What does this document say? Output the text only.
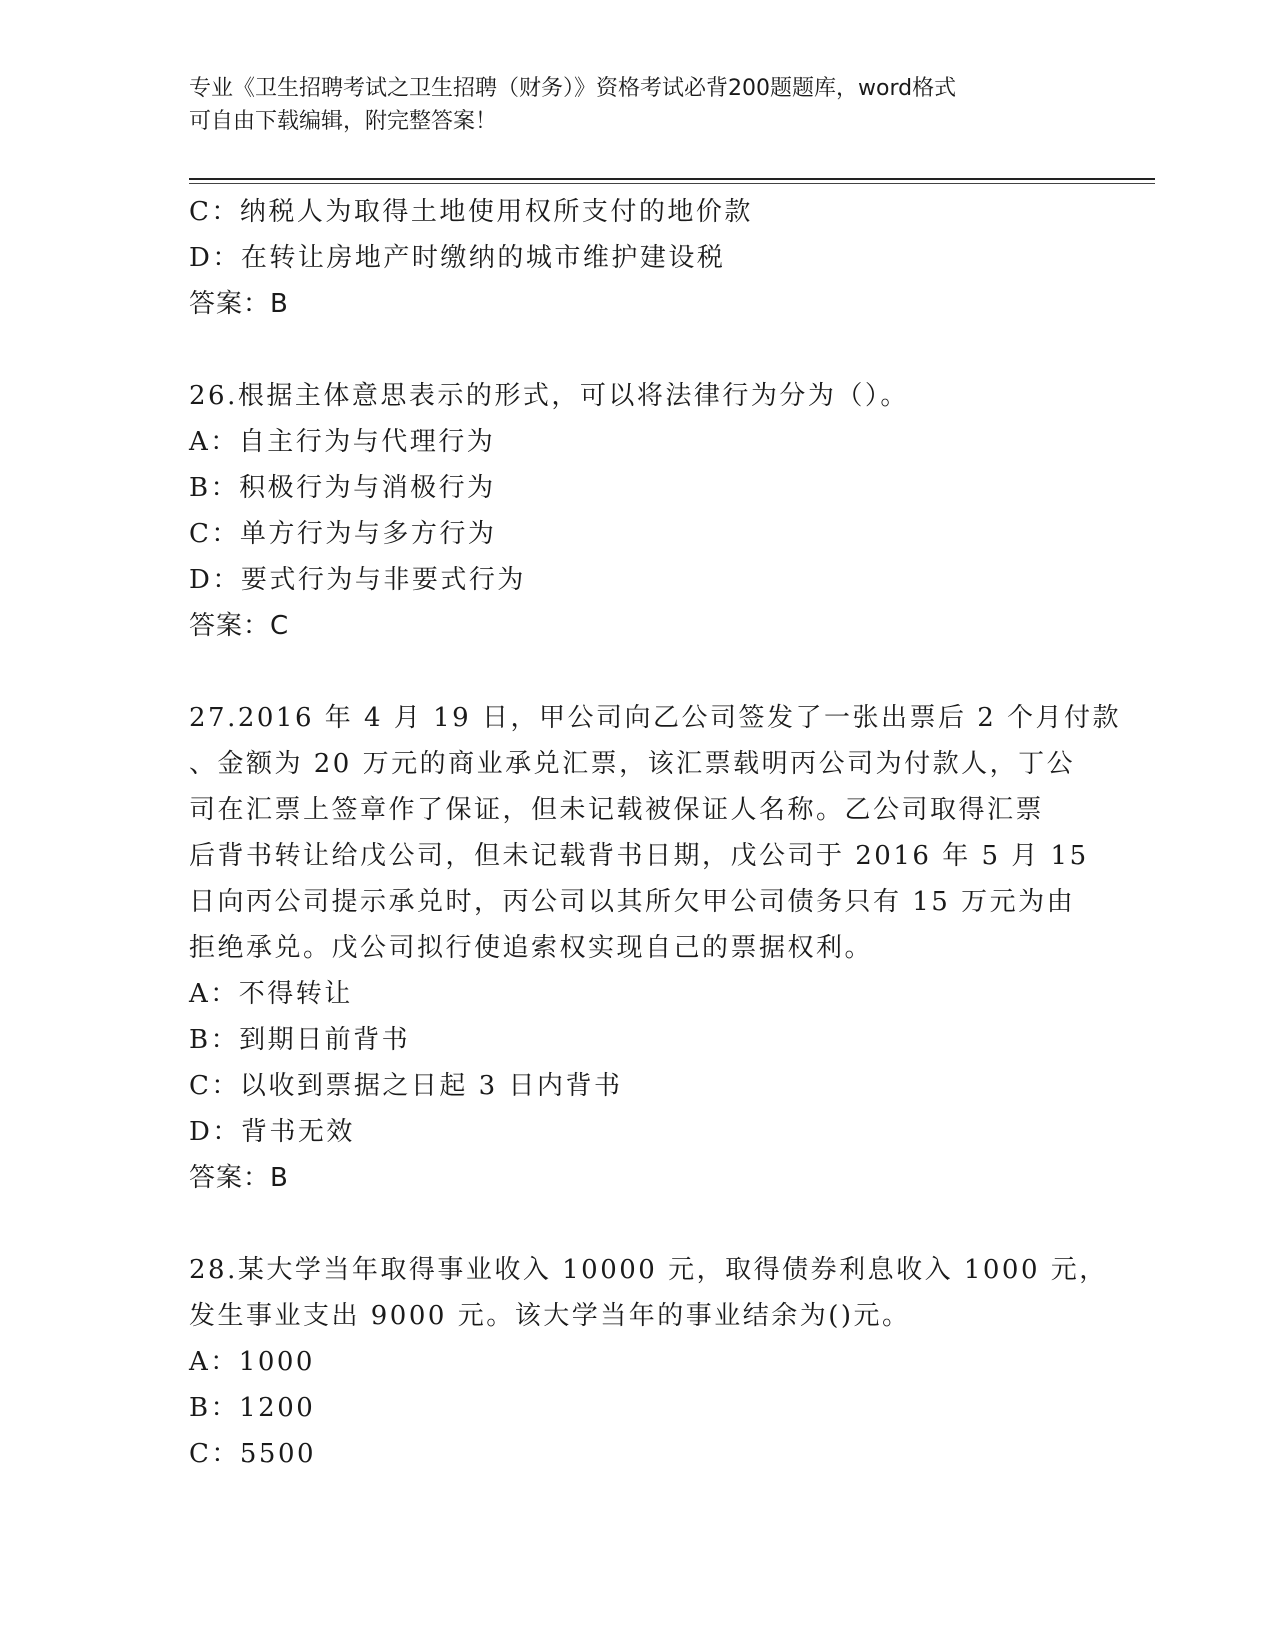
专业《卫生招聘考试之卫生招聘（财务）》资格考试必背200题题库，word格式
可自由下载编辑，附完整答案！
C：纳税人为取得土地使用权所支付的地价款
D：在转让房地产时缴纳的城市维护建设税
答案：B
26.根据主体意思表示的形式，可以将法律行为分为（）。
A：自主行为与代理行为
B：积极行为与消极行为
C：单方行为与多方行为
D：要式行为与非要式行为
答案：C
27.2016 年 4 月 19 日，甲公司向乙公司签发了一张出票后 2 个月付款
、金额为 20 万元的商业承兑汇票，该汇票载明丙公司为付款人，丁公
司在汇票上签章作了保证，但未记载被保证人名称。乙公司取得汇票
后背书转让给戊公司，但未记载背书日期，戊公司于 2016 年 5 月 15
日向丙公司提示承兑时，丙公司以其所欠甲公司债务只有 15 万元为由
拒绝承兑。戊公司拟行使追索权实现自己的票据权利。
A：不得转让
B：到期日前背书
C：以收到票据之日起 3 日内背书
D：背书无效
答案：B
28.某大学当年取得事业收入 10000 元，取得债券利息收入 1000 元，
发生事业支出 9000 元。该大学当年的事业结余为()元。
A：1000
B：1200
C：5500
